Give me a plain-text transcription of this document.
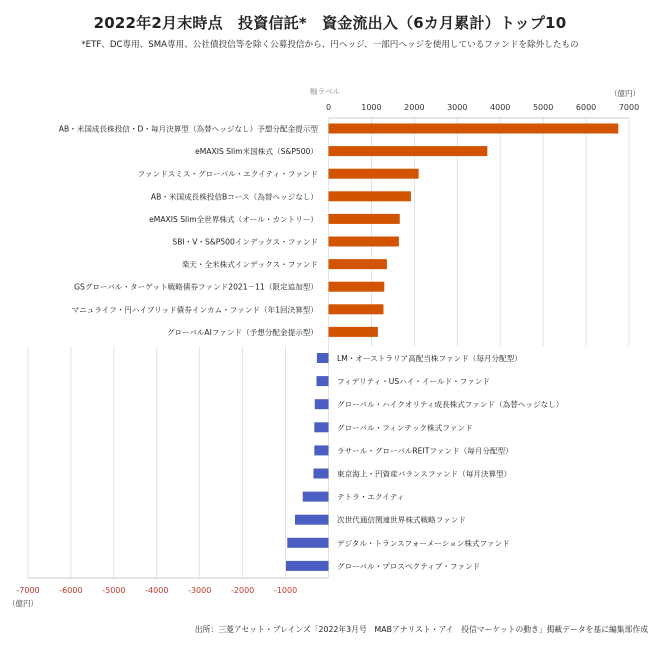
2022年2月末時点　投資信託*　資金流出入（6カ月累計）トップ10
*ETF、DC専用、SMA専用、公社債投信等を除く公募投信から、円ヘッジ、一部円ヘッジを使用しているファンドを除外したもの
0	1000	2000	3000	4000	5000	6000	7000
軸ラベル	（億円）
AB・米国成長株投信・D・毎月決算型（為替ヘッジなし）予想分配金提示型
eMAXIS Slim米国株式（S&P500）
ファンドスミス・グローバル・エクイティ・ファンド
AB・米国成長株投信Bコース（為替ヘッジなし）
eMAXIS Slim全世界株式（オール・カントリー）
SBI・V・S&P500インデックス・ファンド
楽天・全米株式インデックス・ファンド
GSグローバル・ターゲット戦略債券ファンド2021－11（限定追加型）
マニュライフ・円ハイブリッド債券インカム・ファンド（年1回決算型）
グローバルAIファンド（予想分配金提示型）
-7000 -6000 -5000 -4000 -3000 -2000 -1000
（億円）
LM・オーストラリア高配当株ファンド（毎月分配型）
フィデリティ・USハイ・イールド・ファンド
グローバル・ハイクオリティ成長株式ファンド（為替ヘッジなし）
グローバル・フィンテック株式ファンド
ラサール・グローバルREITファンド（毎月分配型）
東京海上・円資産バランスファンド（毎月決算型）
テトラ・エクイティ
次世代通信関連世界株式戦略ファンド
デジタル・トランスフォーメーション株式ファンド
グローバル・プロスペクティブ・ファンド
出所：三菱アセット・ブレインズ「2022年3月号　MABアナリスト・アイ　投信マーケットの動き」掲載データを基に編集部作成
